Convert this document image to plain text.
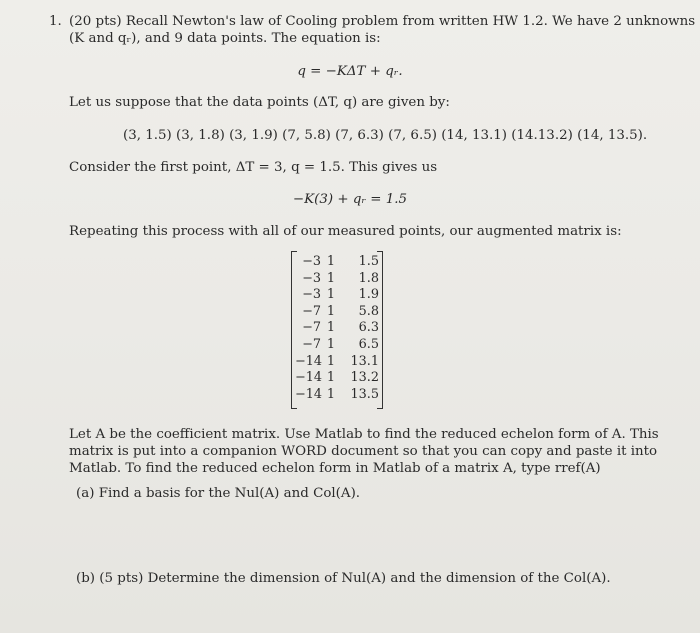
1. (20 pts) Recall Newton's law of Cooling problem from written HW 1.2. We have 2 unknowns
(K and qᵣ), and 9 data points. The equation is:
q = −KΔT + qᵣ.
Let us suppose that the data points (ΔT, q) are given by:
(3, 1.5) (3, 1.8) (3, 1.9) (7, 5.8) (7, 6.3) (7, 6.5) (14, 13.1) (14.13.2) (14, 13.5).
Consider the first point, ΔT = 3, q = 1.5. This gives us
−K(3) + qᵣ = 1.5
Repeating this process with all of our measured points, our augmented matrix is:
−3 1	1.5
−3 1	1.8
−3 1	1.9
−7 1	5.8
−7 1	6.3
−7 1	6.5
−14 1	13.1
−14 1	13.2
−14 1	13.5
Let A be the coefficient matrix. Use Matlab to find the reduced echelon form of A. This
matrix is put into a companion WORD document so that you can copy and paste it into
Matlab. To find the reduced echelon form in Matlab of a matrix A, type rref(A)
(a) Find a basis for the Nul(A) and Col(A).
(b) (5 pts) Determine the dimension of Nul(A) and the dimension of the Col(A).
